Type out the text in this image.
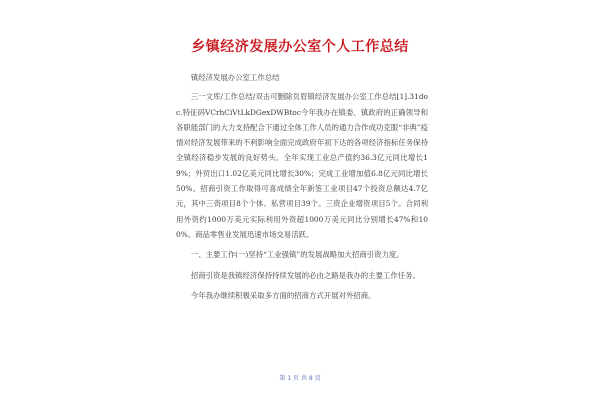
乡镇经济发展办公室个人工作总结

镇经济发展办公室工作总结

三一文库/工作总结/双击可删除页眉镇经济发展办公室工作总结[1].31doc.特征码VCrhCiVtLkDGexDWBtoc今年我办在镇委、镇政府的正确领导和各职能部门的大力支持配合下通过全体工作人员的通力合作成功克服“非典”疫情对经济发展带来的不利影响全面完成政府年初下达的各项经济指标任务保持全镇经济稳步发展的良好势头。全年实现工业总产值约36.3亿元同比增长19%；外贸出口1.02亿美元同比增长30%；完成工业增加值6.8亿元同比增长50%。招商引资工作取得可喜成绩全年新签工业项目47个投资总额达4.7亿元，其中三资项目8个个体、私营项目39个。三资企业增资项目5个。合同利用外资约1000万美元实际利用外资超1000万美元同比分别增长47%和100%。商品零售业发展迅速市场交易活跃。

一、主要工作(一)坚持“工业强镇”的发展战略加大招商引资力度。

招商引资是我镇经济保持持续发展的必由之路是我办的主要工作任务。

今年我办继续积极采取多方面的招商方式开展对外招商。

第 1 页 共 8 页
